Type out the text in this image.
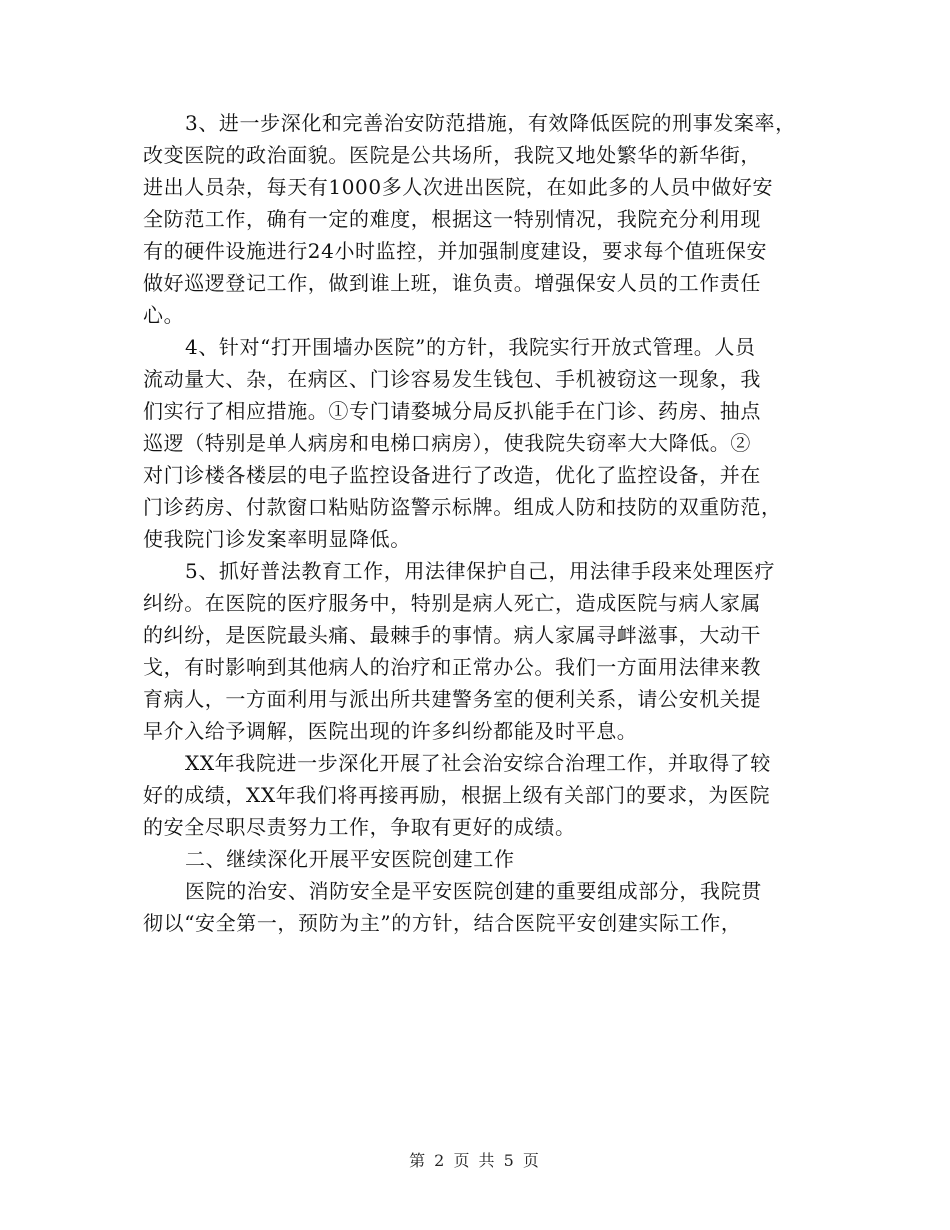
3、进一步深化和完善治安防范措施，有效降低医院的刑事发案率，
改变医院的政治面貌。医院是公共场所，我院又地处繁华的新华街，
进出人员杂，每天有1000多人次进出医院，在如此多的人员中做好安
全防范工作，确有一定的难度，根据这一特别情况，我院充分利用现
有的硬件设施进行24小时监控，并加强制度建设，要求每个值班保安
做好巡逻登记工作，做到谁上班，谁负责。增强保安人员的工作责任
心。
4、针对“打开围墙办医院”的方针，我院实行开放式管理。人员
流动量大、杂，在病区、门诊容易发生钱包、手机被窃这一现象，我
们实行了相应措施。①专门请婺城分局反扒能手在门诊、药房、抽点
巡逻（特别是单人病房和电梯口病房），使我院失窃率大大降低。②
对门诊楼各楼层的电子监控设备进行了改造，优化了监控设备，并在
门诊药房、付款窗口粘贴防盗警示标牌。组成人防和技防的双重防范，
使我院门诊发案率明显降低。
5、抓好普法教育工作，用法律保护自己，用法律手段来处理医疗
纠纷。在医院的医疗服务中，特别是病人死亡，造成医院与病人家属
的纠纷，是医院最头痛、最棘手的事情。病人家属寻衅滋事，大动干
戈，有时影响到其他病人的治疗和正常办公。我们一方面用法律来教
育病人，一方面利用与派出所共建警务室的便利关系，请公安机关提
早介入给予调解，医院出现的许多纠纷都能及时平息。
XX年我院进一步深化开展了社会治安综合治理工作，并取得了较
好的成绩，XX年我们将再接再励，根据上级有关部门的要求，为医院
的安全尽职尽责努力工作，争取有更好的成绩。
二、继续深化开展平安医院创建工作
医院的治安、消防安全是平安医院创建的重要组成部分，我院贯
彻以“安全第一，预防为主”的方针，结合医院平安创建实际工作，
第 2 页 共 5 页
